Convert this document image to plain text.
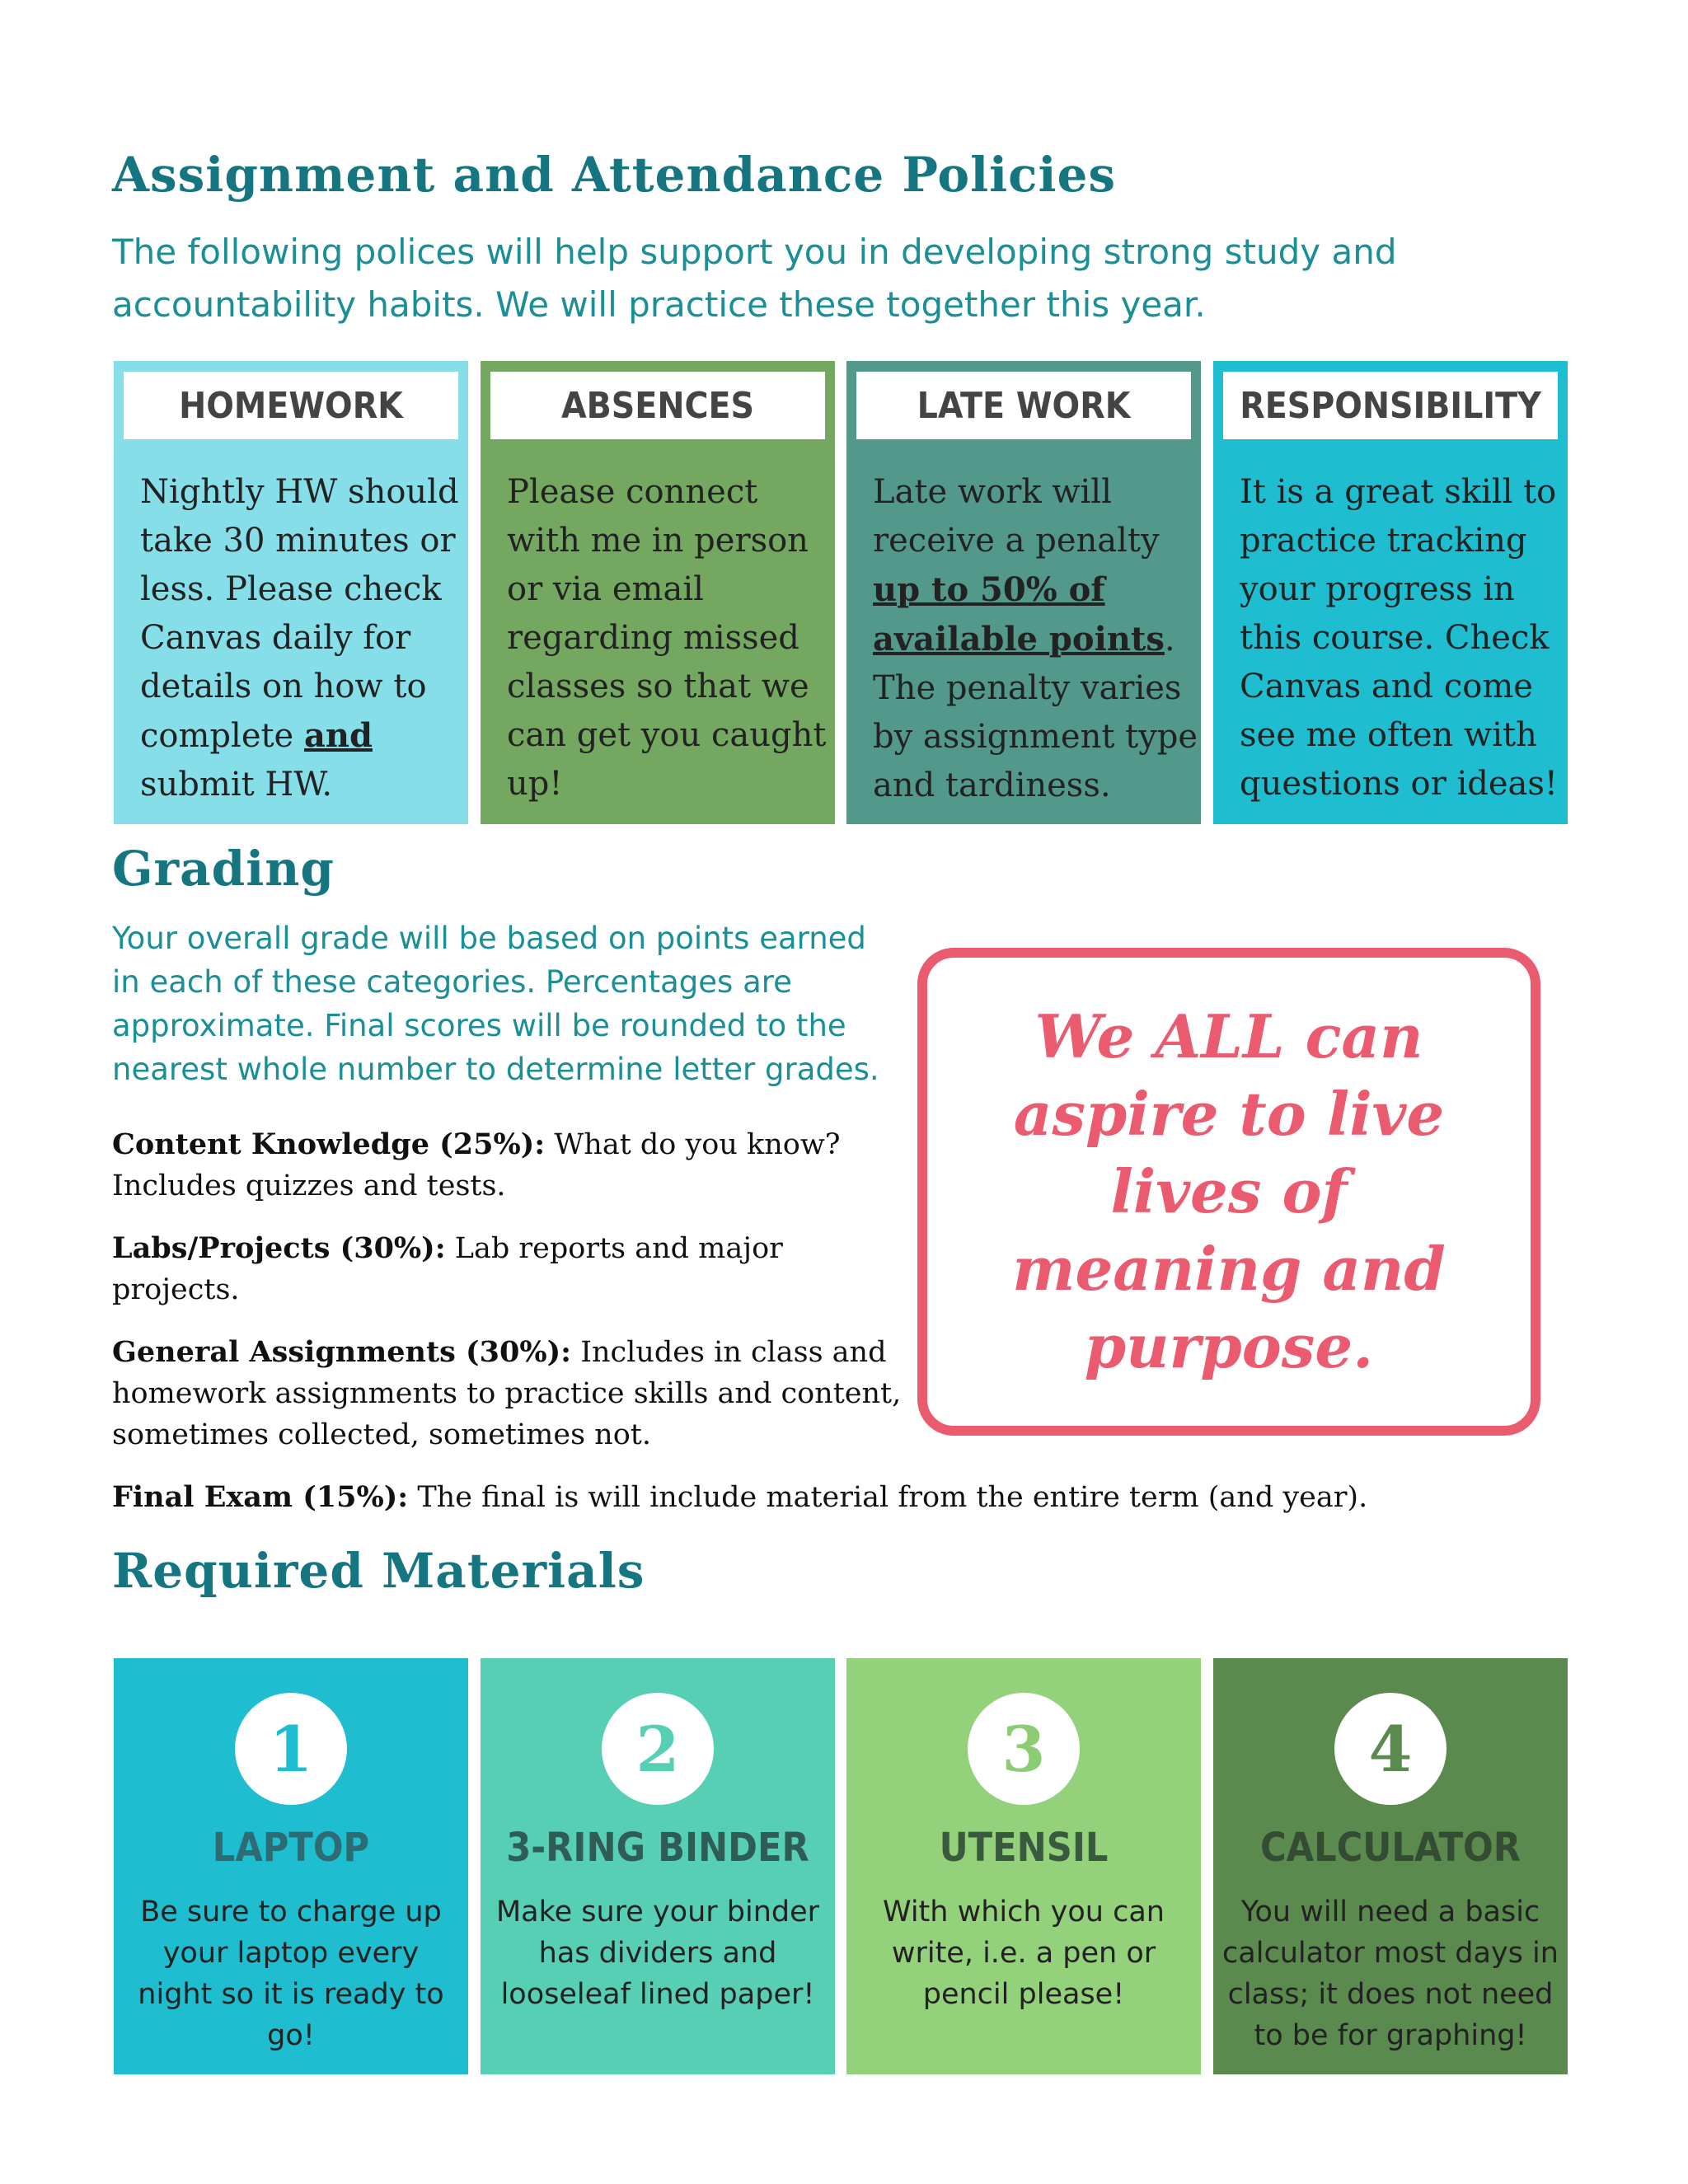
Assignment and Attendance Policies

The following polices will help support you in developing strong study and
accountability habits. We will practice these together this year.

HOMEWORK

Nightly HW should take 30 minutes or less. Please check Canvas daily for details on how to complete and submit HW.

ABSENCES

Please connect with me in person or via email regarding missed classes so that we can get you caught up!

LATE WORK

Late work will receive a penalty up to 50% of available points. The penalty varies by assignment type and tardiness.

RESPONSIBILITY

It is a great skill to practice tracking your progress in this course. Check Canvas and come see me often with questions or ideas!

Grading

Your overall grade will be based on points earned in each of these categories. Percentages are approximate. Final scores will be rounded to the nearest whole number to determine letter grades.

Content Knowledge (25%): What do you know? Includes quizzes and tests.

Labs/Projects (30%): Lab reports and major projects.

General Assignments (30%): Includes in class and homework assignments to practice skills and content, sometimes collected, sometimes not.

Final Exam (15%): The final is will include material from the entire term (and year).

We ALL can aspire to live lives of meaning and purpose.

Required Materials
1
LAPTOP

Be sure to charge up your laptop every night so it is ready to go!

2
3-RING BINDER

Make sure your binder has dividers and looseleaf lined paper!

3
UTENSIL

With which you can write, i.e. a pen or pencil please!

4
CALCULATOR

You will need a basic calculator most days in class; it does not need to be for graphing!
